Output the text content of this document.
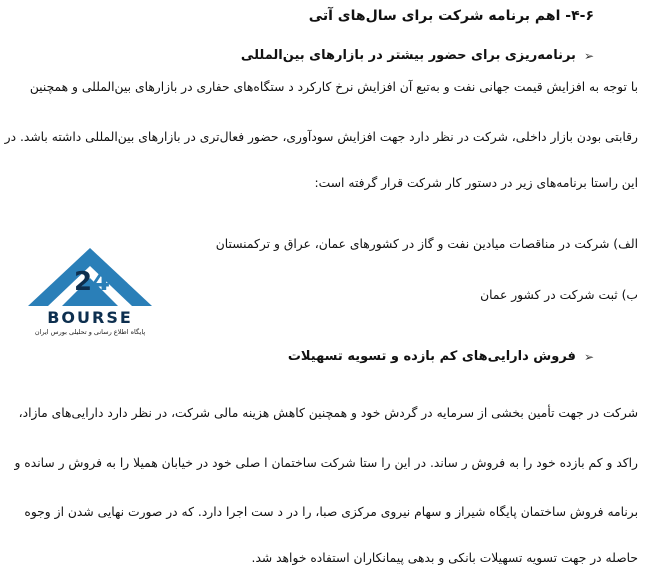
۴-۶- اهم برنامه شرکت برای سال‌های آتی
➢
برنامه‌ریزی برای حضور بیشتر در بازارهای بین‌المللی
با توجه به افزایش قیمت جهانی نفت و به‌تبع آن افزایش نرخ کارکرد د ستگاه‌های حفاری در بازارهای بین‌المللی و همچنین
رقابتی بودن بازار داخلی، شرکت در نظر دارد جهت افزایش سودآوری، حضور فعال‌تری در بازارهای بین‌المللی داشته باشد. در
این راستا برنامه‌های زیر در دستور کار شرکت قرار گرفته است:
الف) شرکت در مناقصات میادین نفت و گاز در کشورهای عمان، عراق و ترکمنستان
ب) ثبت شرکت در کشور عمان
➢
فروش دارایی‌های کم بازده و تسویه تسهیلات
شرکت در جهت تأمین بخشی از سرمایه در گردش خود و همچنین کاهش هزینه مالی شرکت، در نظر دارد دارایی‌های مازاد،
راکد و کم بازده خود را به فروش ر ساند. در این را ستا شرکت ساختمان ا صلی خود در خیابان همیلا را به فروش ر سانده و
برنامه فروش ساختمان پایگاه شیراز و سهام نیروی مرکزی صبا، را در د ست اجرا دارد. که در صورت نهایی شدن از وجوه
حاصله در جهت تسویه تسهیلات بانکی و بدهی پیمانکاران استفاده خواهد شد.
2 4
BOURSE
پایگاه اطلاع رسانی و تحلیلی بورس ایران
